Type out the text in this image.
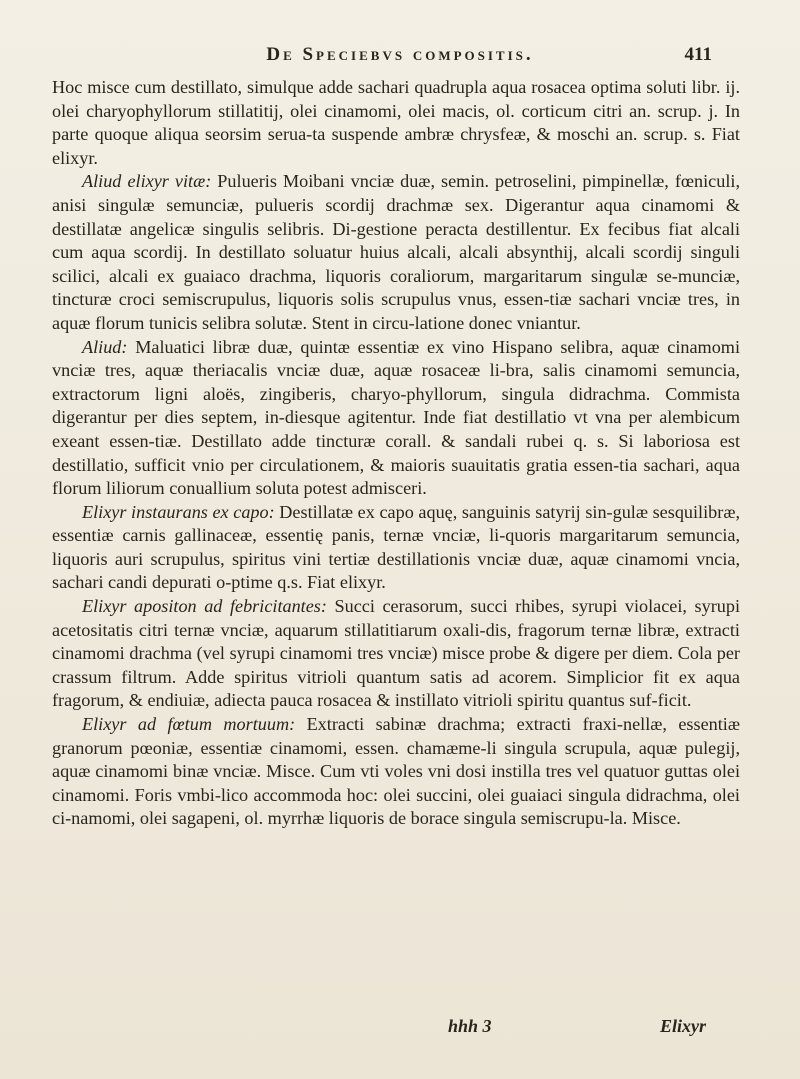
De Speciebvs compositis.	411

Hoc misce cum destillato, simulque adde sachari quadrupla aqua rosacea optima soluti libr. ij. olei charyophyllorum stillatitij, olei cinamomi, olei macis, ol. corticum citri an. scrup. j. In parte quoque aliqua seorsim serua-ta suspende ambræ chrysfeæ, & moschi an. scrup. s. Fiat elixyr.

Aliud elixyr vitæ: Pulueris Moibani vnciæ duæ, semin. petroselini, pimpinellæ, fœniculi, anisi singulæ semunciæ, pulueris scordij drachmæ sex. Digerantur aqua cinamomi & destillatæ angelicæ singulis selibris. Di-gestione peracta destillentur. Ex fecibus fiat alcali cum aqua scordij. In destillato soluatur huius alcali, alcali absynthij, alcali scordij singuli scilici, alcali ex guaiaco drachma, liquoris coraliorum, margaritarum singulæ se-munciæ, tincturæ croci semiscrupulus, liquoris solis scrupulus vnus, essen-tiæ sachari vnciæ tres, in aquæ florum tunicis selibra solutæ. Stent in circu-latione donec vniantur.

Aliud: Maluatici libræ duæ, quintæ essentiæ ex vino Hispano selibra, aquæ cinamomi vnciæ tres, aquæ theriacalis vnciæ duæ, aquæ rosaceæ li-bra, salis cinamomi semuncia, extractorum ligni aloës, zingiberis, charyo-phyllorum, singula didrachma. Commista digerantur per dies septem, in-diesque agitentur. Inde fiat destillatio vt vna per alembicum exeant essen-tiæ. Destillato adde tincturæ corall. & sandali rubei q. s. Si laboriosa est destillatio, sufficit vnio per circulationem, & maioris suauitatis gratia essen-tia sachari, aqua florum liliorum conuallium soluta potest admisceri.

Elixyr instaurans ex capo: Destillatæ ex capo aquę, sanguinis satyrij sin-gulæ sesquilibræ, essentiæ carnis gallinaceæ, essentię panis, ternæ vnciæ, li-quoris margaritarum semuncia, liquoris auri scrupulus, spiritus vini tertiæ destillationis vnciæ duæ, aquæ cinamomi vncia, sachari candi depurati o-ptime q.s. Fiat elixyr.

Elixyr apositon ad febricitantes: Succi cerasorum, succi rhibes, syrupi violacei, syrupi acetositatis citri ternæ vnciæ, aquarum stillatitiarum oxali-dis, fragorum ternæ libræ, extracti cinamomi drachma (vel syrupi cinamomi tres vnciæ) misce probe & digere per diem. Cola per crassum filtrum. Adde spiritus vitrioli quantum satis ad acorem. Simplicior fit ex aqua fragorum, & endiuiæ, adiecta pauca rosacea & instillato vitrioli spiritu quantus suf-ficit.

Elixyr ad fœtum mortuum: Extracti sabinæ drachma; extracti fraxi-nellæ, essentiæ granorum pœoniæ, essentiæ cinamomi, essen. chamæme-li singula scrupula, aquæ pulegij, aquæ cinamomi binæ vnciæ. Misce. Cum vti voles vni dosi instilla tres vel quatuor guttas olei cinamomi. Foris vmbi-lico accommoda hoc: olei succini, olei guaiaci singula didrachma, olei ci-namomi, olei sagapeni, ol. myrrhæ liquoris de borace singula semiscrupu-la. Misce.

hhh 3	Elixyr
